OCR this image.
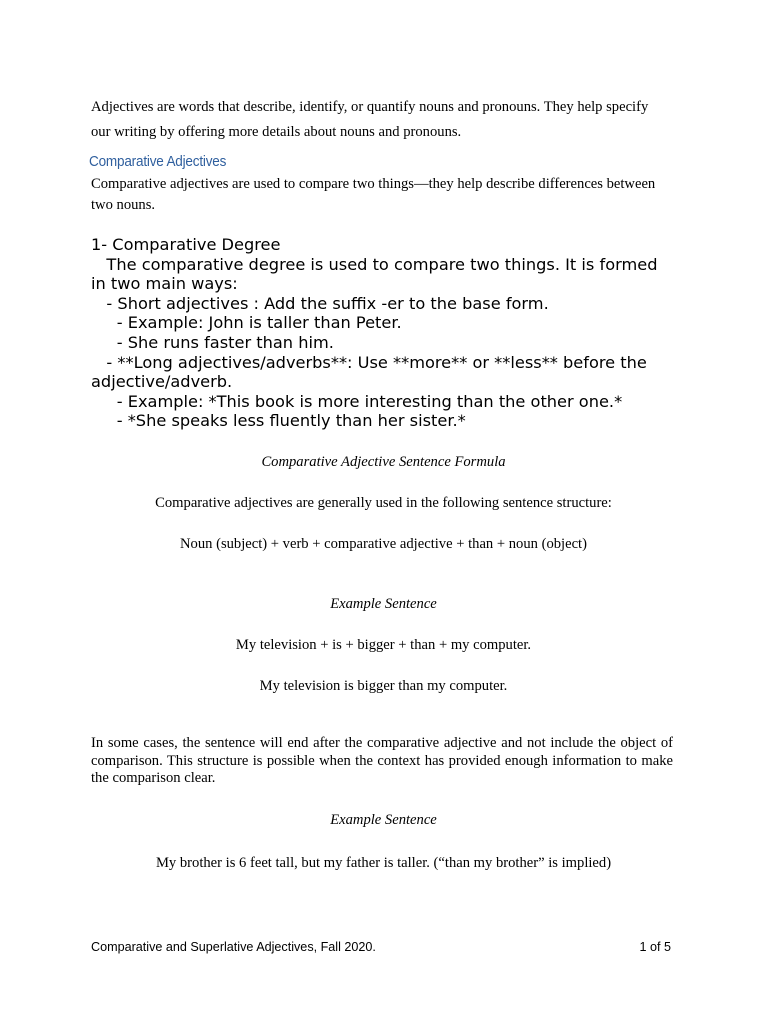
Adjectives are words that describe, identify, or quantify nouns and pronouns. They help specify
our writing by offering more details about nouns and pronouns.
Comparative Adjectives
Comparative adjectives are used to compare two things—they help describe differences between
two nouns.
1- Comparative Degree
The comparative degree is used to compare two things. It is formed
in two main ways:
- Short adjectives : Add the suffix -er to the base form.
- Example: John is taller than Peter.
- She runs faster than him.
- **Long adjectives/adverbs**: Use **more** or **less** before the
adjective/adverb.
- Example: *This book is more interesting than the other one.*
- *She speaks less fluently than her sister.*
Comparative Adjective Sentence Formula
Comparative adjectives are generally used in the following sentence structure:
Noun (subject) + verb + comparative adjective + than + noun (object)
Example Sentence
My television + is + bigger + than + my computer.
My television is bigger than my computer.
In some cases, the sentence will end after the comparative adjective and not include the object of comparison. This structure is possible when the context has provided enough information to make the comparison clear.
Example Sentence
My brother is 6 feet tall, but my father is taller. (“than my brother” is implied)
Comparative and Superlative Adjectives, Fall 2020.	1 of 5
